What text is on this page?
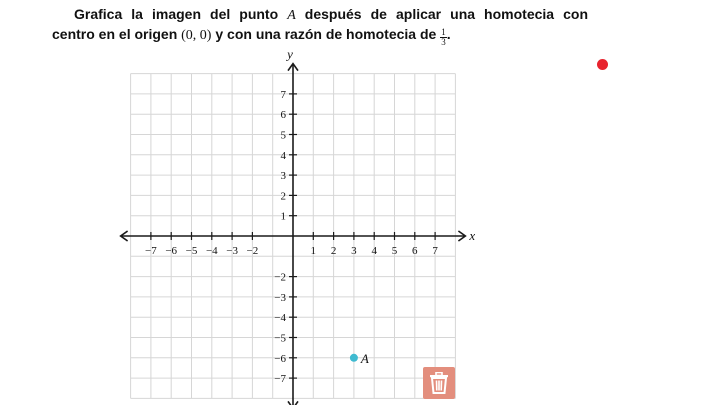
Grafica la imagen del punto A después de aplicar una homotecia con
centro en el origen (0, 0) y con una razón de homotecia de $\frac{1}{3}$ .
x
y
−7 −6 −5 −4 −3 −2	1 2 3 4 5 6 7
7
6
5
4
3
2
1
−2
−3
−4
−5
−6
−7
A
